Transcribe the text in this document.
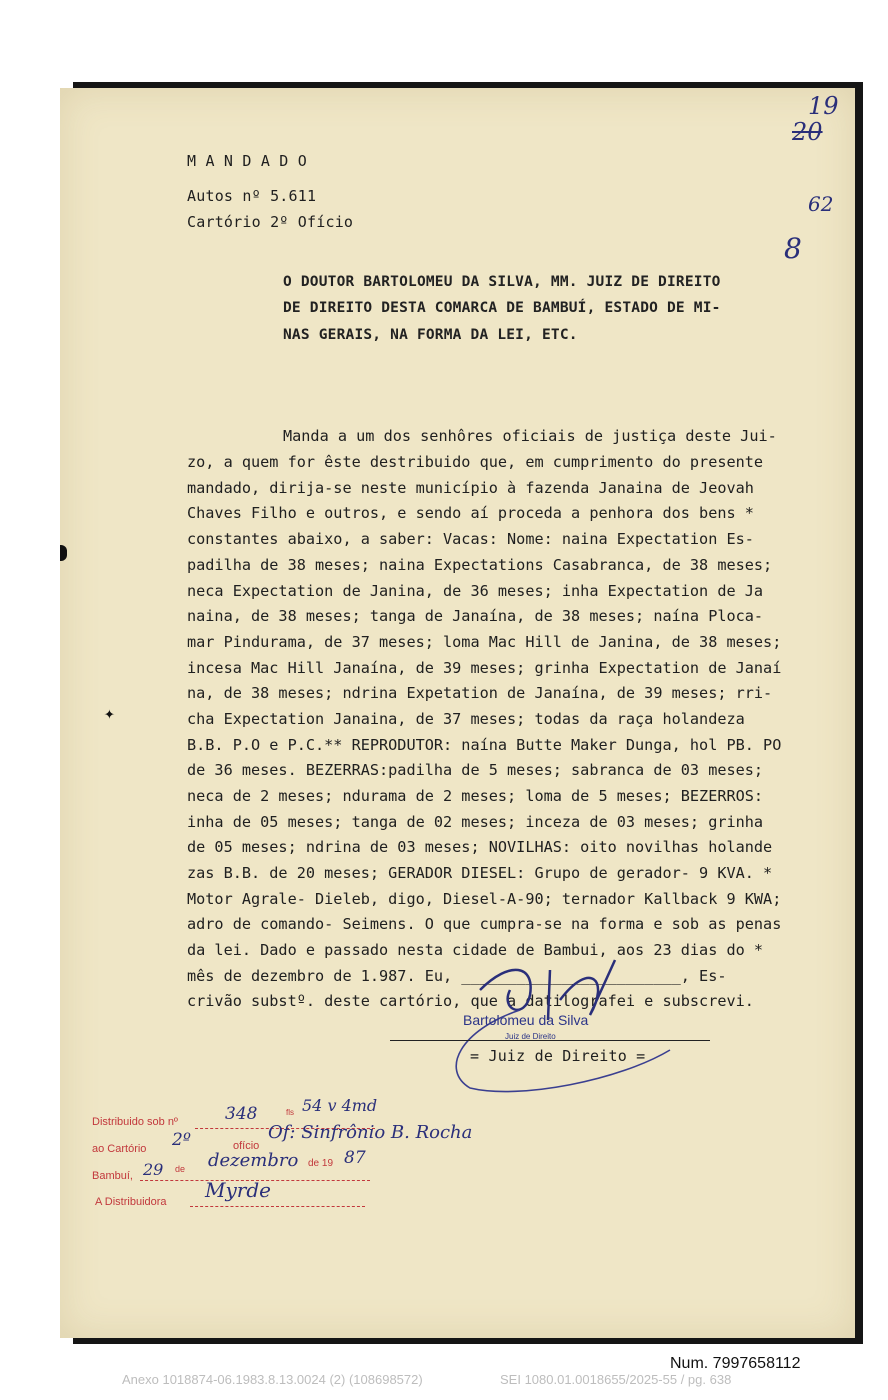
19
20
62
8
M A N D A D O
Autos nº 5.611
Cartório 2º Ofício
O DOUTOR BARTOLOMEU DA SILVA, MM. JUIZ DE DIREITO
DE DIREITO DESTA COMARCA DE BAMBUÍ, ESTADO DE MI-
NAS GERAIS, NA FORMA DA LEI, ETC.
Manda a um dos senhôres oficiais de justiça deste Jui-
zo, a quem for êste destribuido que, em cumprimento do presente
mandado, dirija-se neste município à fazenda Janaina de Jeovah
Chaves Filho e outros, e sendo aí proceda a penhora dos bens *
constantes abaixo, a saber: Vacas: Nome: naina Expectation Es-
padilha de 38 meses; naina Expectations Casabranca, de 38 meses;
neca Expectation de Janina, de 36 meses; inha Expectation de Ja
naina, de 38 meses; tanga de Janaína, de 38 meses; naína Plocа-
mar Pindurama, de 37 meses; loma Mac Hill de Janina, de 38 meses;
incesa Mac Hill Janaína, de 39 meses; grinha Expectation de Janaí
na, de 38 meses; ndrina Expetation de Janaína, de 39 meses; rri-
cha Expectation Janaina, de 37 meses; todas da raça holandeza
B.B. P.O e P.C.** REPRODUTOR: naína Butte Maker Dunga, hol PB. PO
de 36 meses. BEZERRAS:padilha de 5 meses; sabranca de 03 meses;
neca de 2 meses; ndurama de 2 meses; loma de 5 meses; BEZERROS:
inha de 05 meses; tanga de 02 meses; inceza de 03 meses; grinha
de 05 meses; ndrina de 03 meses; NOVILHAS: oito novilhas holande
zas B.B. de 20 meses; GERADOR DIESEL: Grupo de gerador- 9 KVA. *
Motor Agrale- Dieleb, digo, Diesel-A-90; ternador Kallback 9 KWA;
adro de comando- Seimens. O que cumpra-se na forma e sob as penas
da lei. Dado e passado nesta cidade de Bambui, aos 23 dias do *
mês de dezembro de 1.987. Eu, ________________________, Es-
crivão substº. deste cartório, que a datilografei e subscrevi.
Bartolomeu da Silva
Juiz de Direito
= Juiz de Direito =
✦
Distribuido sob nº	348	fls 54 v 4md
ao Cartório 2º	ofício
Of: Sinfrônio B. Rocha
Bambuí, 29 de dezembro de 19 87
A Distribuidora Myrde
Num. 7997658112
Anexo 1018874-06.1983.8.13.0024 (2) (108698572)	SEI 1080.01.0018655/2025-55 / pg. 638
